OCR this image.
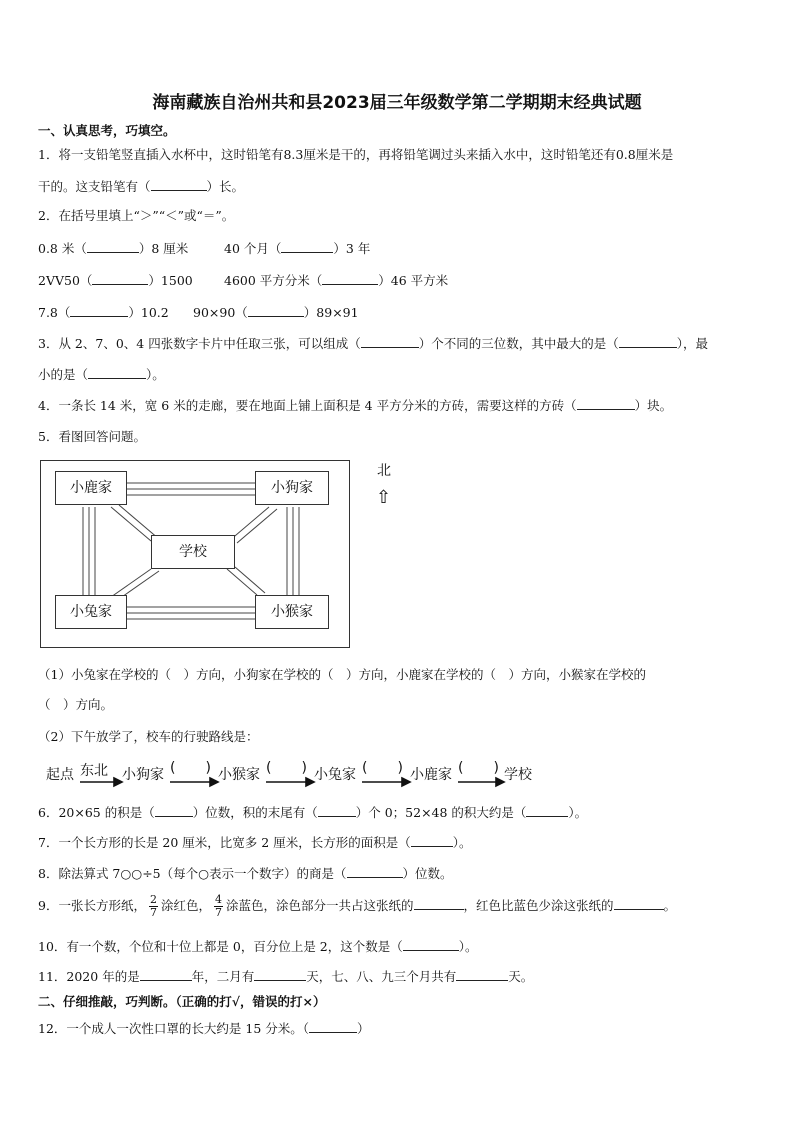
海南藏族自治州共和县2023届三年级数学第二学期期末经典试题
一、认真思考，巧填空。
1．将一支铅笔竖直插入水杯中，这时铅笔有8.3厘米是干的，再将铅笔调过头来插入水中，这时铅笔还有0.8厘米是
干的。这支铅笔有（	）长。
2．在括号里填上“＞”“＜”或“＝”。
0.8 米（	）8 厘米	40 个月（	）3 年
2VV50（	）1500	4600 平方分米（	）46 平方米
7.8（	）10.2 90×90（	）89×91
3．从 2、7、0、4 四张数字卡片中任取三张，可以组成（	）个不同的三位数，其中最大的是（	），最
小的是（	）。
4．一条长 14 米，宽 6 米的走廊，要在地面上铺上面积是 4 平方分米的方砖，需要这样的方砖（	）块。
5．看图回答问题。
小鹿家	小狗家
学校
小兔家	小猴家
北
⇧
（1）小兔家在学校的（　）方向，小狗家在学校的（　）方向，小鹿家在学校的（　）方向，小猴家在学校的
（　）方向。
（2）下午放学了，校车的行驶路线是：
起点 东北 小狗家 ( ) 小猴家 ( ) 小兔家 ( ) 小鹿家 ( ) 学校
6．20×65 的积是（	）位数，积的末尾有（	）个 0；52×48 的积大约是（	）。
7．一个长方形的长是 20 厘米，比宽多 2 厘米，长方形的面积是（	）。
8．除法算式 7○○÷5（每个○表示一个数字）的商是（	）位数。
9．一张长方形纸， $\frac{2}{7}$ 涂红色， $\frac{4}{7}$ 涂蓝色，涂色部分一共占这张纸的	，红色比蓝色少涂这张纸的	。
10．有一个数，个位和十位上都是 0，百分位上是 2，这个数是（	）。
11．2020 年的是	年，二月有	天，七、八、九三个月共有	天。
二、仔细推敲，巧判断。（正确的打√，错误的打×）
12．一个成人一次性口罩的长大约是 15 分米。（	）
